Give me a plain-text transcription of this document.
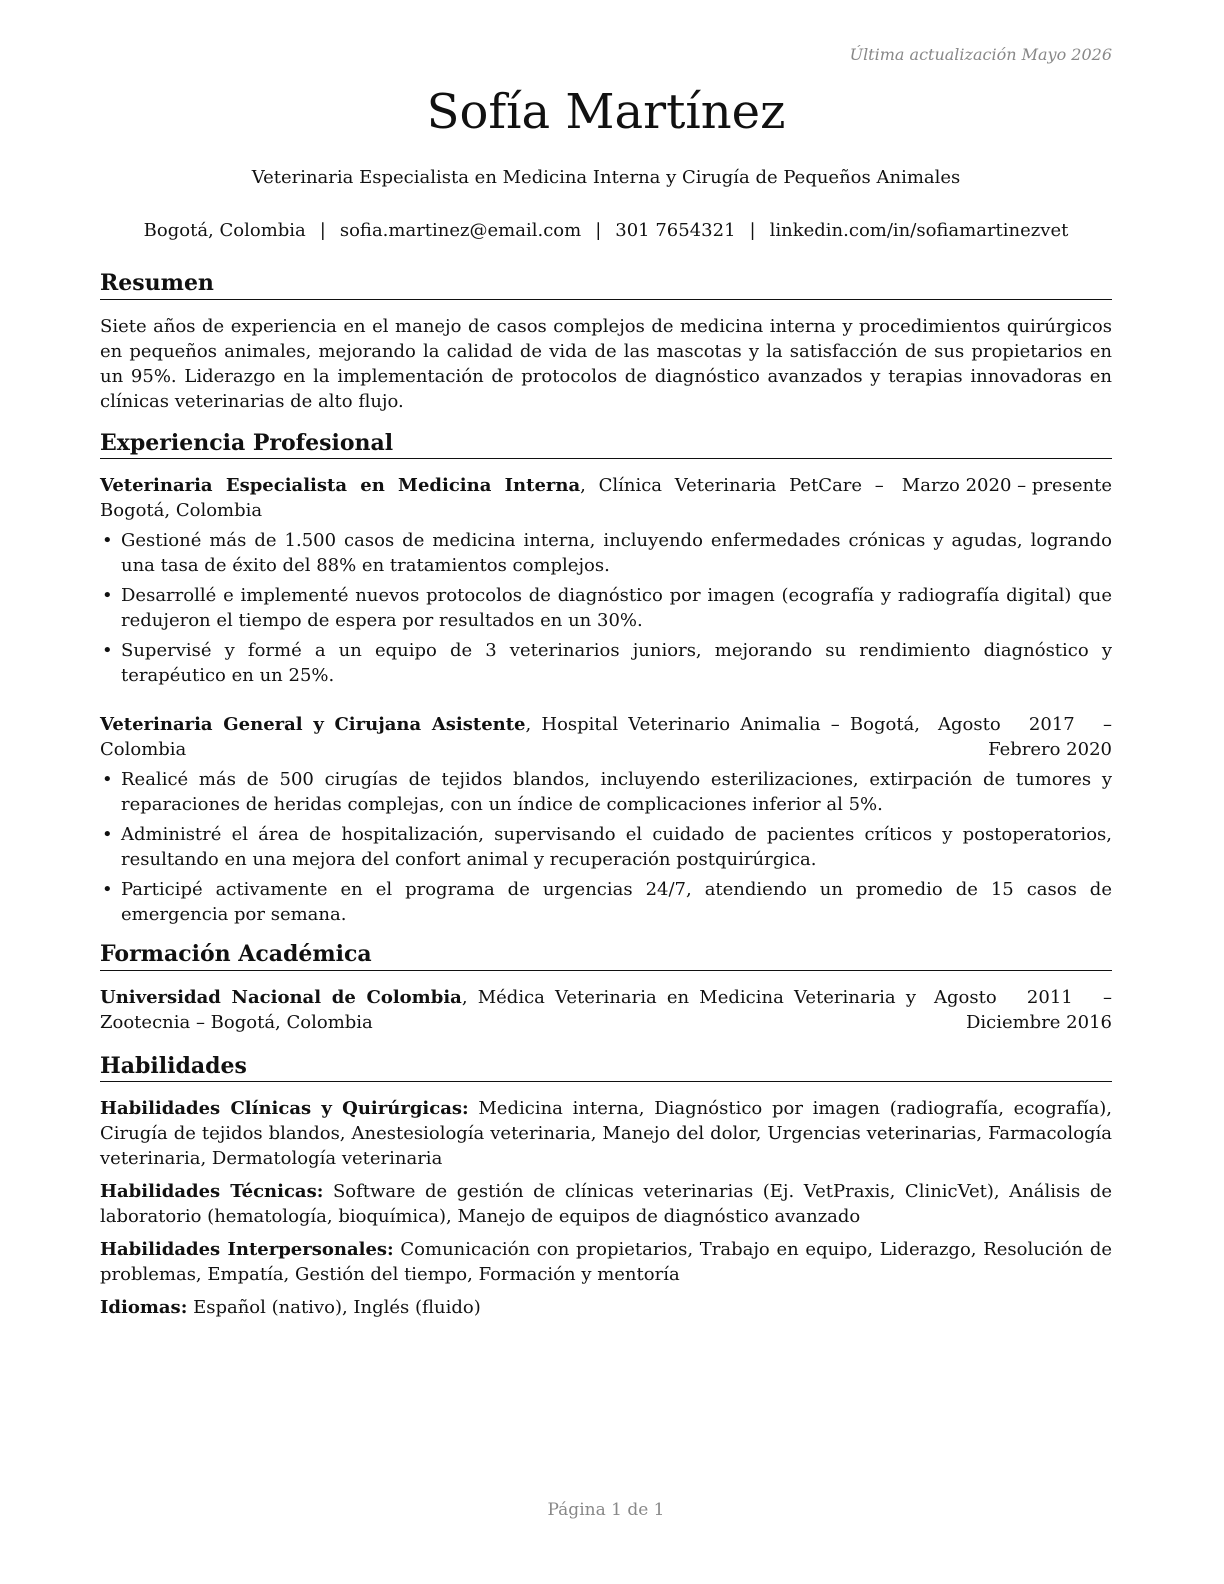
Última actualización Mayo 2026
Sofía Martínez
Veterinaria Especialista en Medicina Interna y Cirugía de Pequeños Animales
Bogotá, Colombia | sofia.martinez@email.com | 301 7654321 | linkedin.com/in/sofiamartinezvet
Resumen

Siete años de experiencia en el manejo de casos complejos de medicina interna y procedimientos quirúrgicos en pequeños animales, mejorando la calidad de vida de las mascotas y la satisfacción de sus propietarios en un 95%. Liderazgo en la implementación de protocolos de diagnóstico avanzados y terapias innovadoras en clínicas veterinarias de alto flujo.

Experiencia Profesional
Veterinaria Especialista en Medicina Interna, Clínica Veterinaria PetCare – Bogotá, Colombia
Marzo 2020 – presente
• Gestioné más de 1.500 casos de medicina interna, incluyendo enfermedades crónicas y agudas, logrando una tasa de éxito del 88% en tratamientos complejos.
• Desarrollé e implementé nuevos protocolos de diagnóstico por imagen (ecografía y radiografía digital) que redujeron el tiempo de espera por resultados en un 30%.
• Supervisé y formé a un equipo de 3 veterinarios juniors, mejorando su rendimiento diagnóstico y terapéutico en un 25%.
Veterinaria General y Cirujana Asistente, Hospital Veterinario Animalia – Bogotá, Colombia
Agosto 2017 – Febrero 2020
• Realicé más de 500 cirugías de tejidos blandos, incluyendo esterilizaciones, extirpación de tumores y reparaciones de heridas complejas, con un índice de complicaciones inferior al 5%.
• Administré el área de hospitalización, supervisando el cuidado de pacientes críticos y postoperatorios, resultando en una mejora del confort animal y recuperación postquirúrgica.
• Participé activamente en el programa de urgencias 24/7, atendiendo un promedio de 15 casos de emergencia por semana.
Formación Académica
Universidad Nacional de Colombia, Médica Veterinaria en Medicina Veterinaria y Zootecnia – Bogotá, Colombia
Agosto 2011 – Diciembre 2016
Habilidades

Habilidades Clínicas y Quirúrgicas: Medicina interna, Diagnóstico por imagen (radiografía, ecografía), Cirugía de tejidos blandos, Anestesiología veterinaria, Manejo del dolor, Urgencias veterinarias, Farmacología veterinaria, Dermatología veterinaria

Habilidades Técnicas: Software de gestión de clínicas veterinarias (Ej. VetPraxis, ClinicVet), Análisis de laboratorio (hematología, bioquímica), Manejo de equipos de diagnóstico avanzado

Habilidades Interpersonales: Comunicación con propietarios, Trabajo en equipo, Liderazgo, Resolución de problemas, Empatía, Gestión del tiempo, Formación y mentoría

Idiomas: Español (nativo), Inglés (fluido)

Página 1 de 1
